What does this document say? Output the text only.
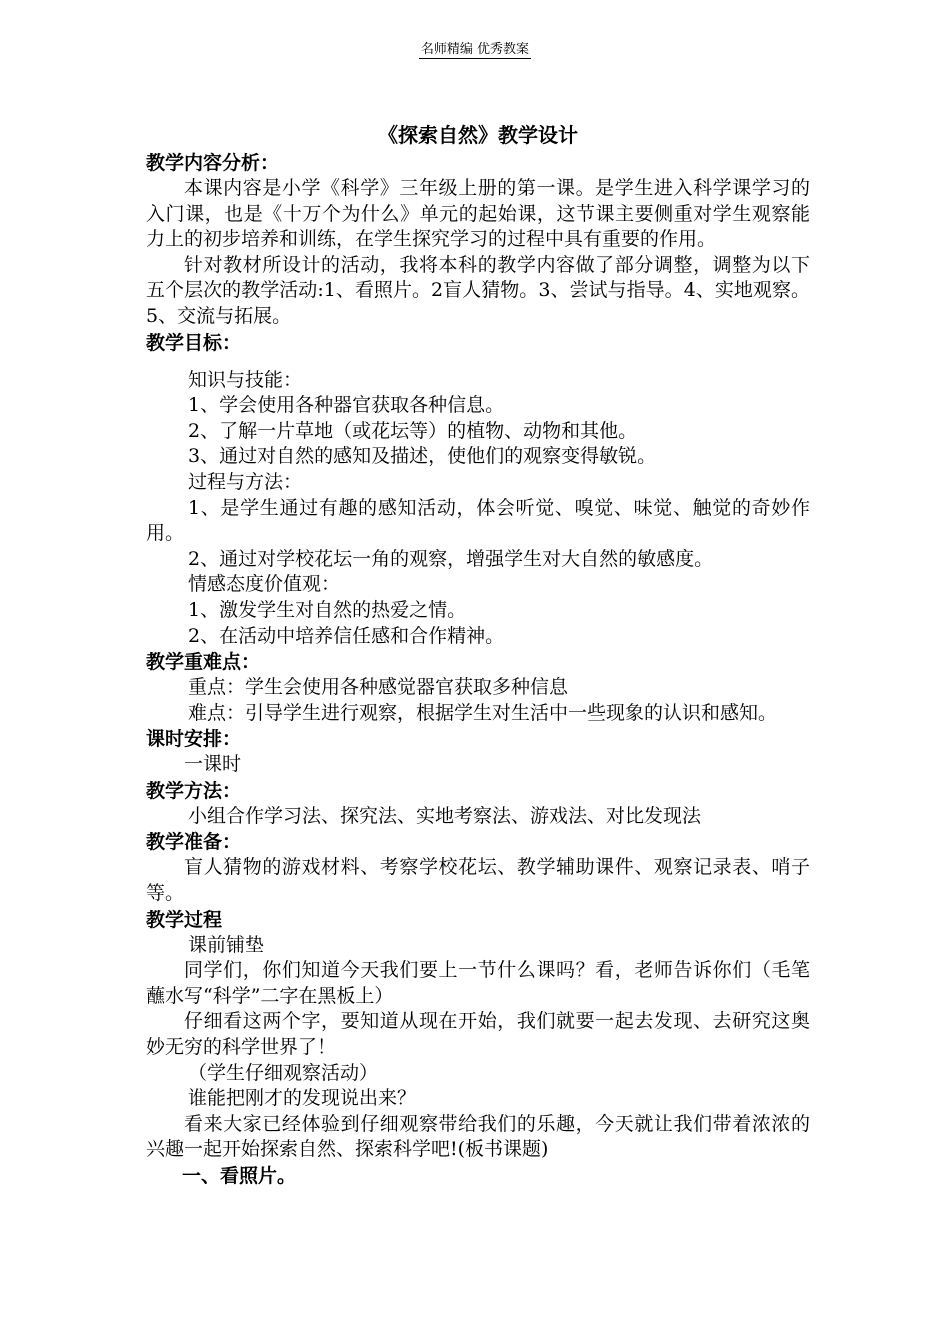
名师精编 优秀教案
《探索自然》教学设计
教学内容分析：
本课内容是小学《科学》三年级上册的第一课。是学生进入科学课学习的入门课，也是《十万个为什么》单元的起始课，这节课主要侧重对学生观察能力上的初步培养和训练，在学生探究学习的过程中具有重要的作用。
针对教材所设计的活动，我将本科的教学内容做了部分调整，调整为以下五个层次的教学活动:1、看照片。2盲人猜物。3、尝试与指导。4、实地观察。5、交流与拓展。
教学目标：
知识与技能：
1、学会使用各种器官获取各种信息。
2、了解一片草地（或花坛等）的植物、动物和其他。
3、通过对自然的感知及描述，使他们的观察变得敏锐。
过程与方法：
1、是学生通过有趣的感知活动，体会听觉、嗅觉、味觉、触觉的奇妙作用。
2、通过对学校花坛一角的观察，增强学生对大自然的敏感度。
情感态度价值观：
1、激发学生对自然的热爱之情。
2、在活动中培养信任感和合作精神。
教学重难点：
重点：学生会使用各种感觉器官获取多种信息
难点：引导学生进行观察，根据学生对生活中一些现象的认识和感知。
课时安排：
一课时
教学方法：
小组合作学习法、探究法、实地考察法、游戏法、对比发现法
教学准备：
盲人猜物的游戏材料、考察学校花坛、教学辅助课件、观察记录表、哨子等。
教学过程
课前铺垫
同学们，你们知道今天我们要上一节什么课吗？看，老师告诉你们（毛笔蘸水写“科学”二字在黑板上）
仔细看这两个字，要知道从现在开始，我们就要一起去发现、去研究这奥妙无穷的科学世界了！
（学生仔细观察活动）
谁能把刚才的发现说出来？
看来大家已经体验到仔细观察带给我们的乐趣，今天就让我们带着浓浓的兴趣一起开始探索自然、探索科学吧!(板书课题)
一、看照片。
